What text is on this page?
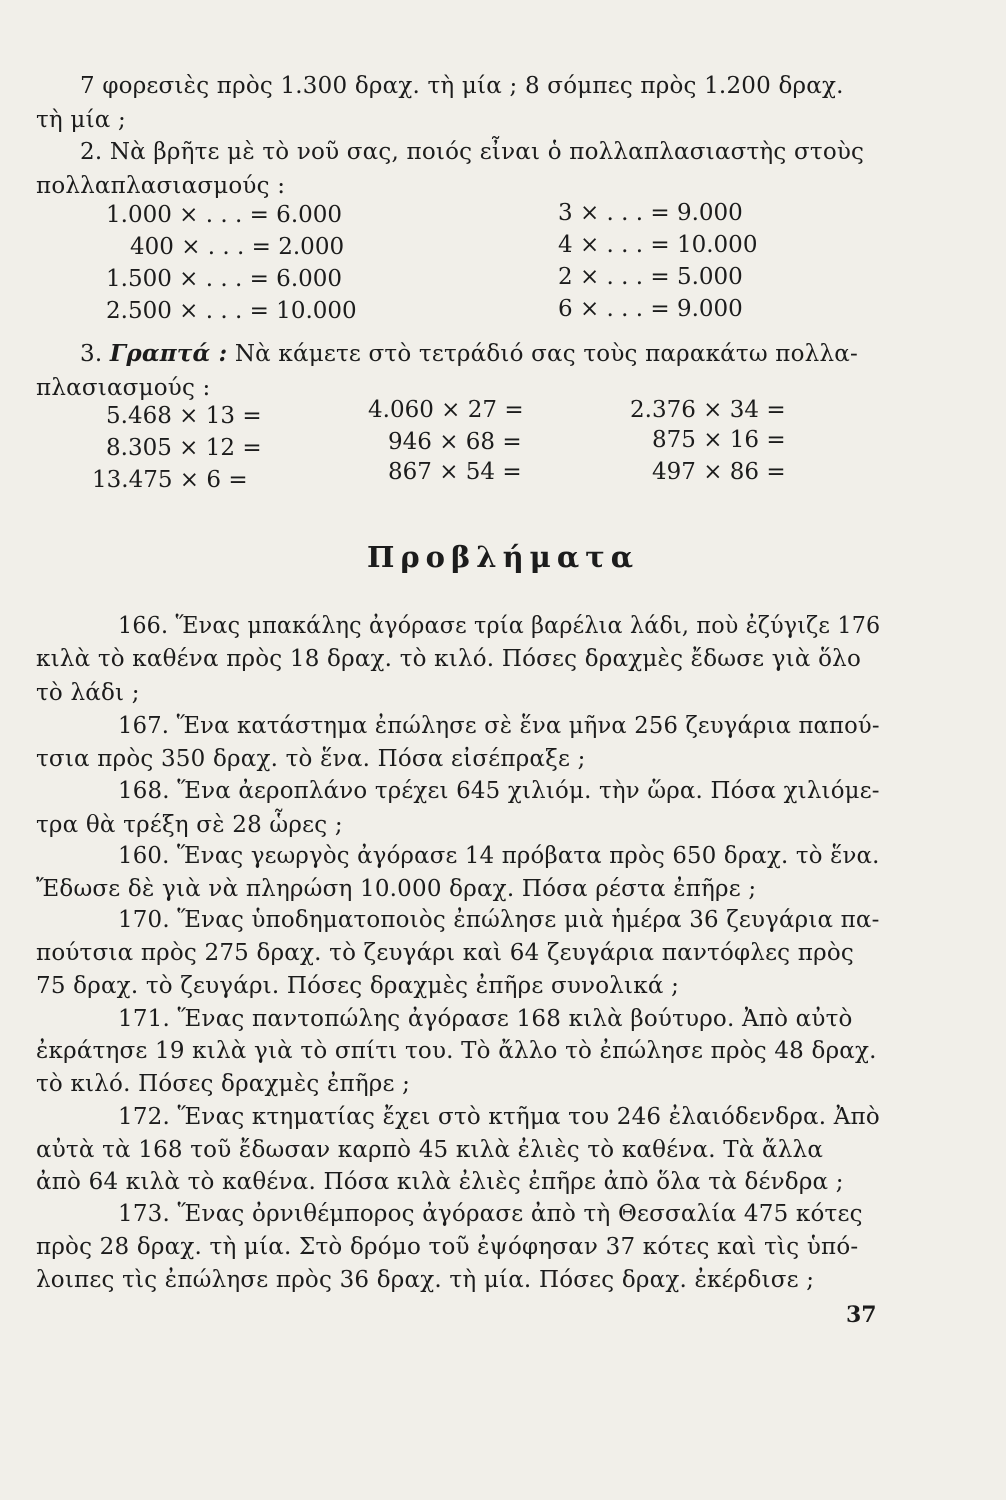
7 φορεσιὲς πρὸς 1.300 δραχ. τὴ μία ; 8 σόμπες πρὸς 1.200 δραχ.
τὴ μία ;
2. Νὰ βρῆτε μὲ τὸ νοῦ σας, ποιός εἶναι ὁ πολλαπλασιαστὴς στοὺς
πολλαπλασιασμούς :
1.000 × . . . = 6.000
400 × . . . = 2.000
1.500 × . . . = 6.000
2.500 × . . . = 10.000
3 × . . . = 9.000
4 × . . . = 10.000
2 × . . . = 5.000
6 × . . . = 9.000
3. Γραπτά : Νὰ κάμετε στὸ τετράδιό σας τοὺς παρακάτω πολλα-
πλασιασμούς :
5.468 × 13 =
8.305 × 12 =
13.475 × 6 =
4.060 × 27 =
946 × 68 =
867 × 54 =
2.376 × 34 =
875 × 16 =
497 × 86 =
Προβλήματα
166. Ἕνας μπακάλης ἀγόρασε τρία βαρέλια λάδι, ποὺ ἐζύγιζε 176
κιλὰ τὸ καθένα πρὸς 18 δραχ. τὸ κιλό. Πόσες δραχμὲς ἔδωσε γιὰ ὅλο
τὸ λάδι ;
167. Ἕνα κατάστημα ἐπώλησε σὲ ἕνα μῆνα 256 ζευγάρια παπού-
τσια πρὸς 350 δραχ. τὸ ἕνα. Πόσα εἰσέπραξε ;
168. Ἕνα ἀεροπλάνο τρέχει 645 χιλιόμ. τὴν ὥρα. Πόσα χιλιόμε-
τρα θὰ τρέξη σὲ 28 ὧρες ;
160. Ἕνας γεωργὸς ἀγόρασε 14 πρόβατα πρὸς 650 δραχ. τὸ ἕνα.
Ἔδωσε δὲ γιὰ νὰ πληρώση 10.000 δραχ. Πόσα ρέστα ἐπῆρε ;
170. Ἕνας ὑποδηματοποιὸς ἐπώλησε μιὰ ἡμέρα 36 ζευγάρια πα-
πούτσια πρὸς 275 δραχ. τὸ ζευγάρι καὶ 64 ζευγάρια παντόφλες πρὸς
75 δραχ. τὸ ζευγάρι. Πόσες δραχμὲς ἐπῆρε συνολικά ;
171. Ἕνας παντοπώλης ἀγόρασε 168 κιλὰ βούτυρο. Ἀπὸ αὐτὸ
ἐκράτησε 19 κιλὰ γιὰ τὸ σπίτι του. Τὸ ἄλλο τὸ ἐπώλησε πρὸς 48 δραχ.
τὸ κιλό. Πόσες δραχμὲς ἐπῆρε ;
172. Ἕνας κτηματίας ἔχει στὸ κτῆμα του 246 ἐλαιόδενδρα. Ἀπὸ
αὐτὰ τὰ 168 τοῦ ἔδωσαν καρπὸ 45 κιλὰ ἐλιὲς τὸ καθένα. Τὰ ἄλλα
ἀπὸ 64 κιλὰ τὸ καθένα. Πόσα κιλὰ ἐλιὲς ἐπῆρε ἀπὸ ὅλα τὰ δένδρα ;
173. Ἕνας ὀρνιθέμπορος ἀγόρασε ἀπὸ τὴ Θεσσαλία 475 κότες
πρὸς 28 δραχ. τὴ μία. Στὸ δρόμο τοῦ ἐψόφησαν 37 κότες καὶ τὶς ὑπό-
λοιπες τὶς ἐπώλησε πρὸς 36 δραχ. τὴ μία. Πόσες δραχ. ἐκέρδισε ;
37
